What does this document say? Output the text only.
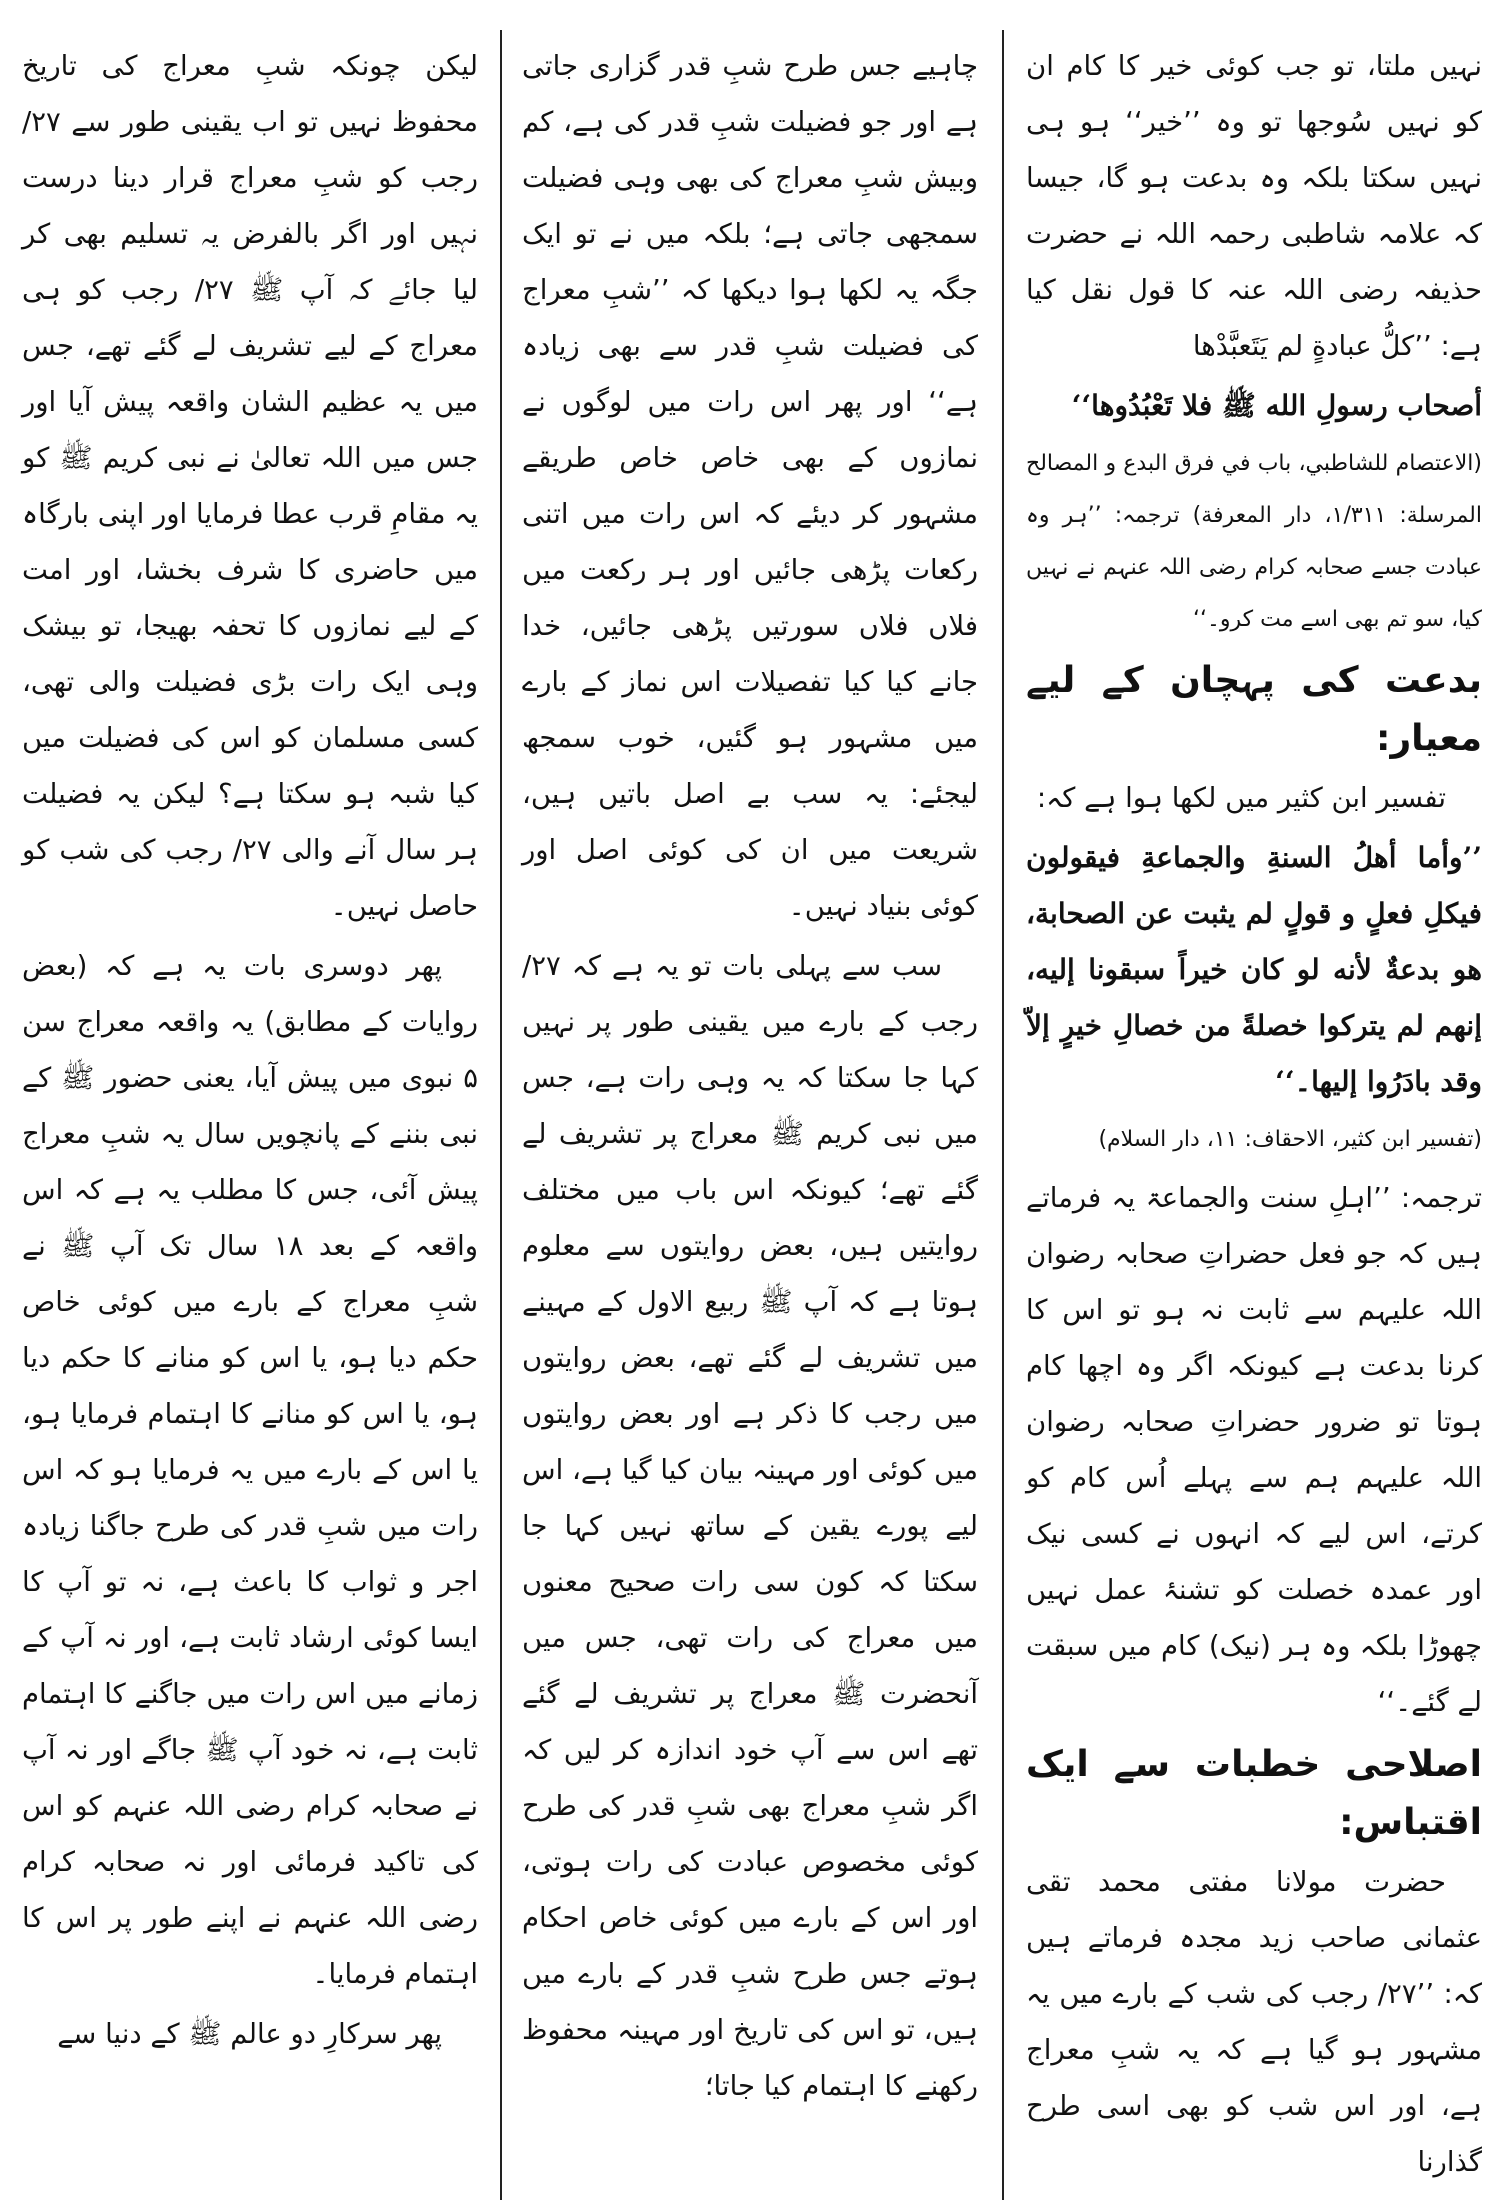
نہیں ملتا، تو جب کوئی خیر کا کام ان کو نہیں سُوجھا تو وہ ’’خیر‘‘ ہو ہی نہیں سکتا بلکہ وہ بدعت ہو گا، جیسا کہ علامہ شاطبی رحمہ اللہ نے حضرت حذیفہ رضی اللہ عنہ کا قول نقل کیا ہے: ’’كلُّ عبادةٍ لم يَتَعبَّدْها

أصحاب رسولِ الله ﷺ فلا تَعْبُدُوها‘‘

(الاعتصام للشاطبي، باب في فرق البدع و المصالح المرسلة: ۱/۳۱۱، دار المعرفة) ترجمہ: ’’ہر وہ عبادت جسے صحابہ کرام رضی اللہ عنہم نے نہیں کیا، سو تم بھی اسے مت کرو۔‘‘

بدعت کی پہچان کے لیے معیار:

تفسیر ابن کثیر میں لکھا ہوا ہے کہ:

’’وأما أهلُ السنةِ والجماعةِ فيقولون فيكلِ فعلٍ و قولٍ لم يثبت عن الصحابة، هو بدعةٌ لأنه لو كان خيراً سبقونا إليه، إنهم لم يتركوا خصلةً من خصالِ خيرٍ إلاّ وقد بادَرُوا إليها۔‘‘

(تفسیر ابن کثیر، الاحقاف: ۱۱، دار السلام)

ترجمہ: ’’اہلِ سنت والجماعۃ یہ فرماتے ہیں کہ جو فعل حضراتِ صحابہ رضوان اللہ علیہم سے ثابت نہ ہو تو اس کا کرنا بدعت ہے کیونکہ اگر وہ اچھا کام ہوتا تو ضرور حضراتِ صحابہ رضوان اللہ علیہم ہم سے پہلے اُس کام کو کرتے، اس لیے کہ انہوں نے کسی نیک اور عمدہ خصلت کو تشنۂ عمل نہیں چھوڑا بلکہ وہ ہر (نیک) کام میں سبقت لے گئے۔‘‘

اصلاحی خطبات سے ایک اقتباس:

حضرت مولانا مفتی محمد تقی عثمانی صاحب زید مجدہ فرماتے ہیں کہ: ’’۲۷/ رجب کی شب کے بارے میں یہ مشہور ہو گیا ہے کہ یہ شبِ معراج ہے، اور اس شب کو بھی اسی طرح گذارنا

چاہیے جس طرح شبِ قدر گزاری جاتی ہے اور جو فضیلت شبِ قدر کی ہے، کم وبیش شبِ معراج کی بھی وہی فضیلت سمجھی جاتی ہے؛ بلکہ میں نے تو ایک جگہ یہ لکھا ہوا دیکھا کہ ’’شبِ معراج کی فضیلت شبِ قدر سے بھی زیادہ ہے‘‘ اور پھر اس رات میں لوگوں نے نمازوں کے بھی خاص خاص طریقے مشہور کر دیئے کہ اس رات میں اتنی رکعات پڑھی جائیں اور ہر رکعت میں فلاں فلاں سورتیں پڑھی جائیں، خدا جانے کیا کیا تفصیلات اس نماز کے بارے میں مشہور ہو گئیں، خوب سمجھ لیجئے: یہ سب بے اصل باتیں ہیں، شریعت میں ان کی کوئی اصل اور کوئی بنیاد نہیں۔

سب سے پہلی بات تو یہ ہے کہ ۲۷/ رجب کے بارے میں یقینی طور پر نہیں کہا جا سکتا کہ یہ وہی رات ہے، جس میں نبی کریم ﷺ معراج پر تشریف لے گئے تھے؛ کیونکہ اس باب میں مختلف روایتیں ہیں، بعض روایتوں سے معلوم ہوتا ہے کہ آپ ﷺ ربیع الاول کے مہینے میں تشریف لے گئے تھے، بعض روایتوں میں رجب کا ذکر ہے اور بعض روایتوں میں کوئی اور مہینہ بیان کیا گیا ہے، اس لیے پورے یقین کے ساتھ نہیں کہا جا سکتا کہ کون سی رات صحیح معنوں میں معراج کی رات تھی، جس میں آنحضرت ﷺ معراج پر تشریف لے گئے تھے اس سے آپ خود اندازہ کر لیں کہ اگر شبِ معراج بھی شبِ قدر کی طرح کوئی مخصوص عبادت کی رات ہوتی، اور اس کے بارے میں کوئی خاص احکام ہوتے جس طرح شبِ قدر کے بارے میں ہیں، تو اس کی تاریخ اور مہینہ محفوظ رکھنے کا اہتمام کیا جاتا؛

لیکن چونکہ شبِ معراج کی تاریخ محفوظ نہیں تو اب یقینی طور سے ۲۷/ رجب کو شبِ معراج قرار دینا درست نہیں اور اگر بالفرض یہ تسلیم بھی کر لیا جائے کہ آپ ﷺ ۲۷/ رجب کو ہی معراج کے لیے تشریف لے گئے تھے، جس میں یہ عظیم الشان واقعہ پیش آیا اور جس میں اللہ تعالیٰ نے نبی کریم ﷺ کو یہ مقامِ قرب عطا فرمایا اور اپنی بارگاہ میں حاضری کا شرف بخشا، اور امت کے لیے نمازوں کا تحفہ بھیجا، تو بیشک وہی ایک رات بڑی فضیلت والی تھی، کسی مسلمان کو اس کی فضیلت میں کیا شبہ ہو سکتا ہے؟ لیکن یہ فضیلت ہر سال آنے والی ۲۷/ رجب کی شب کو حاصل نہیں۔

پھر دوسری بات یہ ہے کہ (بعض روایات کے مطابق) یہ واقعہ معراج سن ۵ نبوی میں پیش آیا، یعنی حضور ﷺ کے نبی بننے کے پانچویں سال یہ شبِ معراج پیش آئی، جس کا مطلب یہ ہے کہ اس واقعہ کے بعد ۱۸ سال تک آپ ﷺ نے شبِ معراج کے بارے میں کوئی خاص حکم دیا ہو، یا اس کو منانے کا حکم دیا ہو، یا اس کو منانے کا اہتمام فرمایا ہو، یا اس کے بارے میں یہ فرمایا ہو کہ اس رات میں شبِ قدر کی طرح جاگنا زیادہ اجر و ثواب کا باعث ہے، نہ تو آپ کا ایسا کوئی ارشاد ثابت ہے، اور نہ آپ کے زمانے میں اس رات میں جاگنے کا اہتمام ثابت ہے، نہ خود آپ ﷺ جاگے اور نہ آپ نے صحابہ کرام رضی اللہ عنہم کو اس کی تاکید فرمائی اور نہ صحابہ کرام رضی اللہ عنہم نے اپنے طور پر اس کا اہتمام فرمایا۔

پھر سرکارِ دو عالم ﷺ کے دنیا سے
